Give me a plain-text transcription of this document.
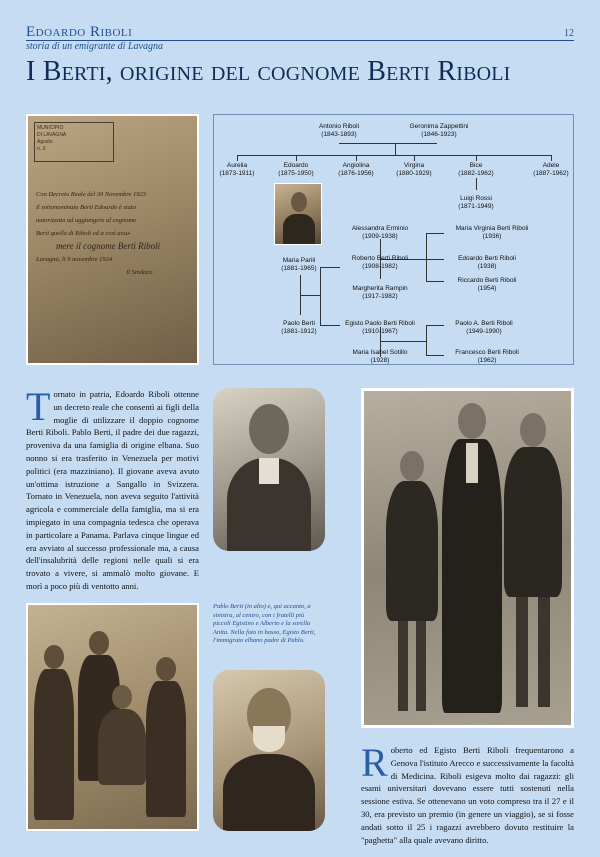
Edoardo Riboli
storia di un emigrante di Lavagna
12
I Berti, origine del cognome Berti Riboli
MUNICIPIO
DI LAVAGNA
Agosto
n. 3
Con Decreto Reale del 30 Novembre 1923
il sottonominato Berti Edoardo è stato
autorizzato ad aggiungere al cognome
Berti quello di Riboli ed a così assu-
mere il cognome Berti Riboli
Lavagna, li 9 novembre 1924
Il Sindaco
Antonio Riboli
(1843-1893)
Geronima Zappettini
(1846-1923)
Aurelia
(1873-1911)
Edoardo
(1875-1950)
Angiolina
(1876-1956)
Virgina
(1880-1929)
Bice
(1882-1962)
Adele
(1887-1962)
Luigi Rossi
(1871-1949)
Maria Parili
(1881-1965)
Paolo Berti
(1881-1912)
Alessandra Erminio
(1909-1938)
Roberto Berti Riboli
(1908-1982)
Margherita Rampin
(1917-1982)
Egisto Paolo Berti Riboli
(1910-1967)
Maria Isabel Sotillo
(1928)
Maria Virginia Berti Riboli
(1936)
Edoardo Berti Riboli
(1938)
Riccardo Berti Riboli
(1954)
Paolo A. Berti Riboli
(1949-1990)
Francesco Berti Riboli
(1962)
Tornato in patria, Edoardo Riboli ottenne un decreto reale che consentì ai figli della moglie di utilizzare il doppio cognome Berti Riboli. Pablo Berti, il padre dei due ragazzi, proveniva da una famiglia di origine elbana. Suo nonno si era trasferito in Venezuela per motivi politici (era mazziniano). Il giovane aveva avuto un'ottima istruzione a Sangallo in Svizzera. Tornato in Venezuela, non aveva seguito l'attività agricola e commerciale della famiglia, ma si era impiegato in una compagnia tedesca che operava in particolare a Panama. Parlava cinque lingue ed era avviato al successo professionale ma, a causa dell'insalubrità delle regioni nelle quali si era trovato a vivere, si ammalò molto giovane. E morì a poco più di ventotto anni.
Pablo Berti (in alto) e, qui accanto, a sinistra, al centro, con i fratelli più piccoli Egistino e Alberto e la sorella Anita. Nella foto in basso, Egisto Berti, l'immigrato elbano padre di Pablo.
Roberto ed Egisto Berti Riboli frequentarono a Genova l'istituto Arecco e successivamente la facoltà di Medicina. Riboli esigeva molto dai ragazzi: gli esami universitari dovevano essere tutti sostenuti nella sessione estiva. Se ottenevano un voto compreso tra il 27 e il 30, era previsto un premio (in genere un viaggio), se si fosse andati sotto il 25 i ragazzi avrebbero dovuto restituire la "paghetta" alla quale avevano diritto.
